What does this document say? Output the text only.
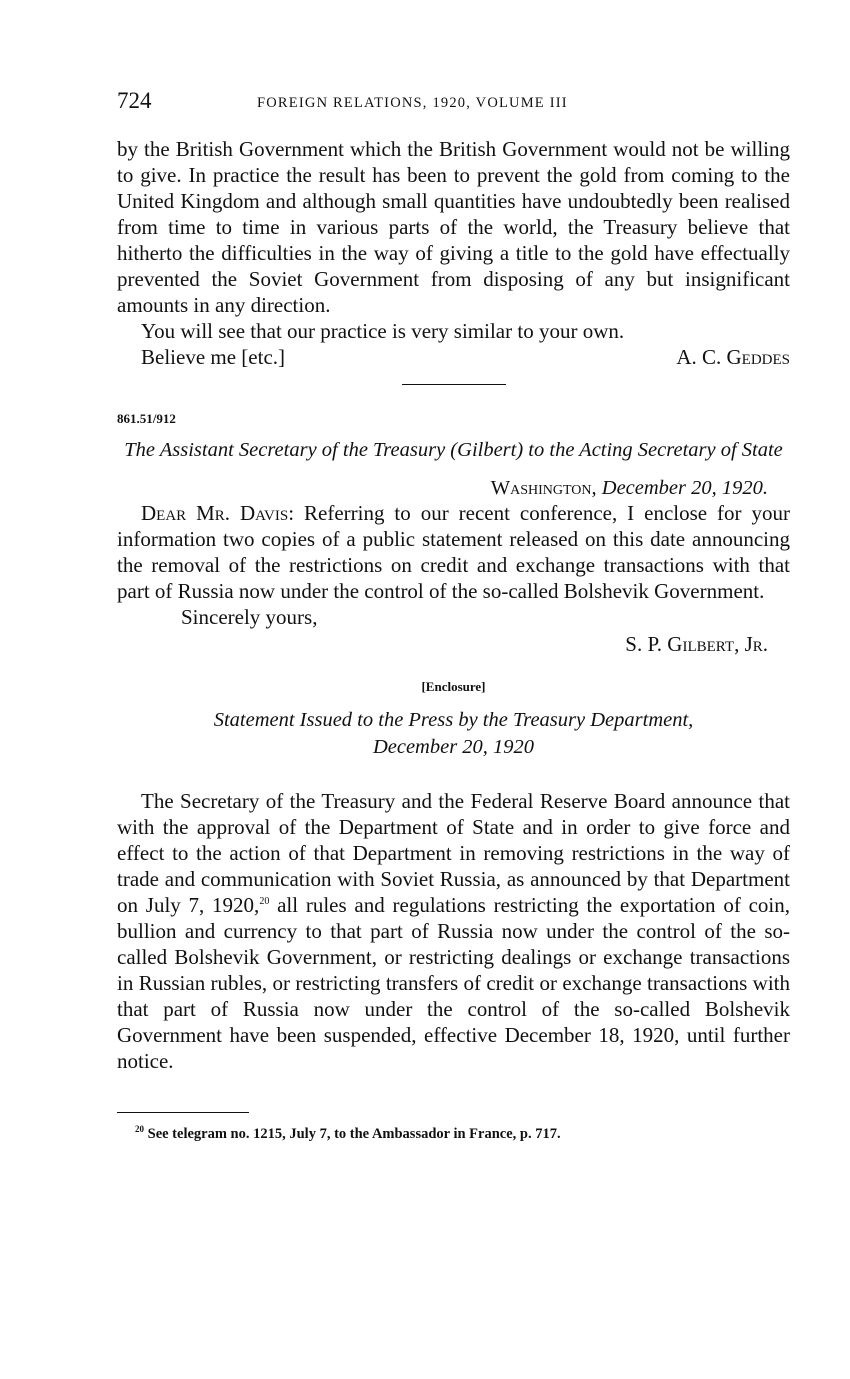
724	FOREIGN RELATIONS, 1920, VOLUME III

by the British Government which the British Government would not be willing to give. In practice the result has been to prevent the gold from coming to the United Kingdom and although small quantities have undoubtedly been realised from time to time in various parts of the world, the Treasury believe that hitherto the difficulties in the way of giving a title to the gold have effectually prevented the Soviet Government from disposing of any but insignificant amounts in any direction.

You will see that our practice is very similar to your own.

Believe me [etc.]	A. C. Geddes
861.51/912
The Assistant Secretary of the Treasury (Gilbert) to the Acting Secretary of State
Washington, December 20, 1920.

Dear Mr. Davis: Referring to our recent conference, I enclose for your information two copies of a public statement released on this date announcing the removal of the restrictions on credit and exchange transactions with that part of Russia now under the control of the so-called Bolshevik Government.

Sincerely yours,
S. P. Gilbert, Jr.
[Enclosure]
Statement Issued to the Press by the Treasury Department,
December 20, 1920

The Secretary of the Treasury and the Federal Reserve Board announce that with the approval of the Department of State and in order to give force and effect to the action of that Department in removing restrictions in the way of trade and communication with Soviet Russia, as announced by that Department on July 7, 1920,20 all rules and regulations restricting the exportation of coin, bullion and currency to that part of Russia now under the control of the so-called Bolshevik Government, or restricting dealings or exchange transactions in Russian rubles, or restricting transfers of credit or exchange transactions with that part of Russia now under the control of the so-called Bolshevik Government have been suspended, effective December 18, 1920, until further notice.

$^{20}$ See telegram no. 1215, July 7, to the Ambassador in France, p. 717.
